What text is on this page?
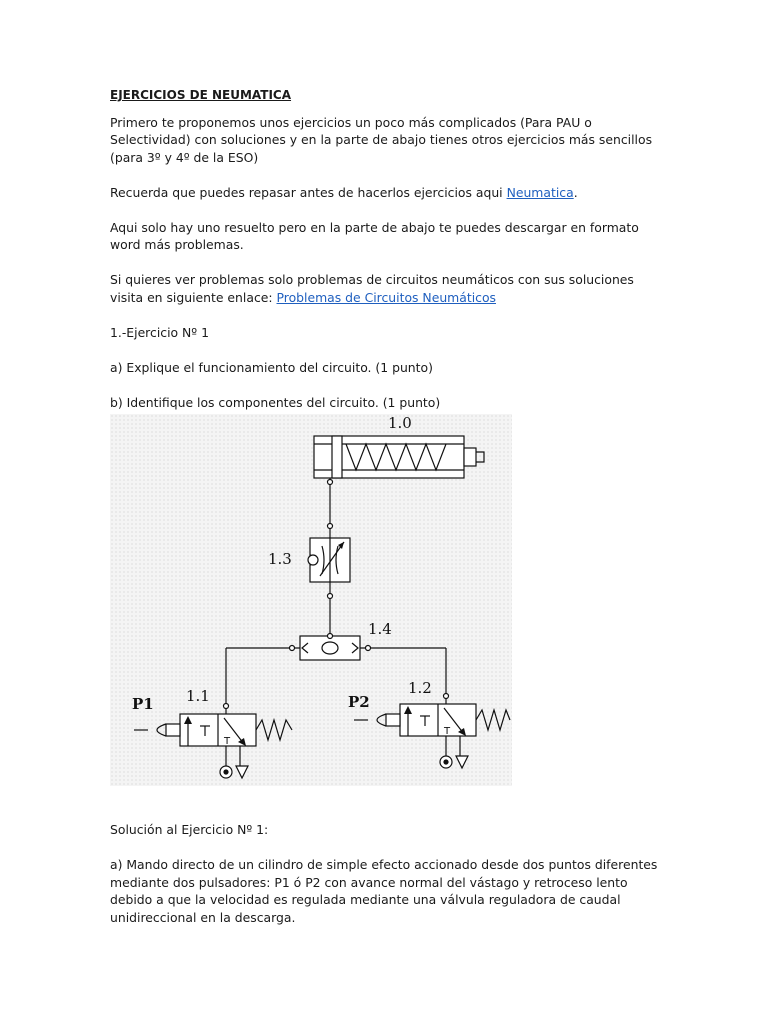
EJERCICIOS DE NEUMATICA

Primero te proponemos unos ejercicios un poco más complicados (Para PAU o Selectividad) con soluciones y en la parte de abajo tienes otros ejercicios más sencillos (para 3º y 4º de la ESO)

Recuerda que puedes repasar antes de hacerlos ejercicios aqui Neumatica.

Aqui solo hay uno resuelto pero en la parte de abajo te puedes descargar en formato word más problemas.

Si quieres ver problemas solo problemas de circuitos neumáticos con sus soluciones visita en siguiente enlace: Problemas de Circuitos Neumáticos

1.-Ejercicio Nº 1

a) Explique el funcionamiento del circuito. (1 punto)

b) Identifique los componentes del circuito. (1 punto)

1.0
1.3
1.4
P1 1.1
T
P2
1.2
T

Solución al Ejercicio Nº 1:

a) Mando directo de un cilindro de simple efecto accionado desde dos puntos diferentes mediante dos pulsadores: P1 ó P2 con avance normal del vástago y retroceso lento debido a que la velocidad es regulada mediante una válvula reguladora de caudal unidireccional en la descarga.
